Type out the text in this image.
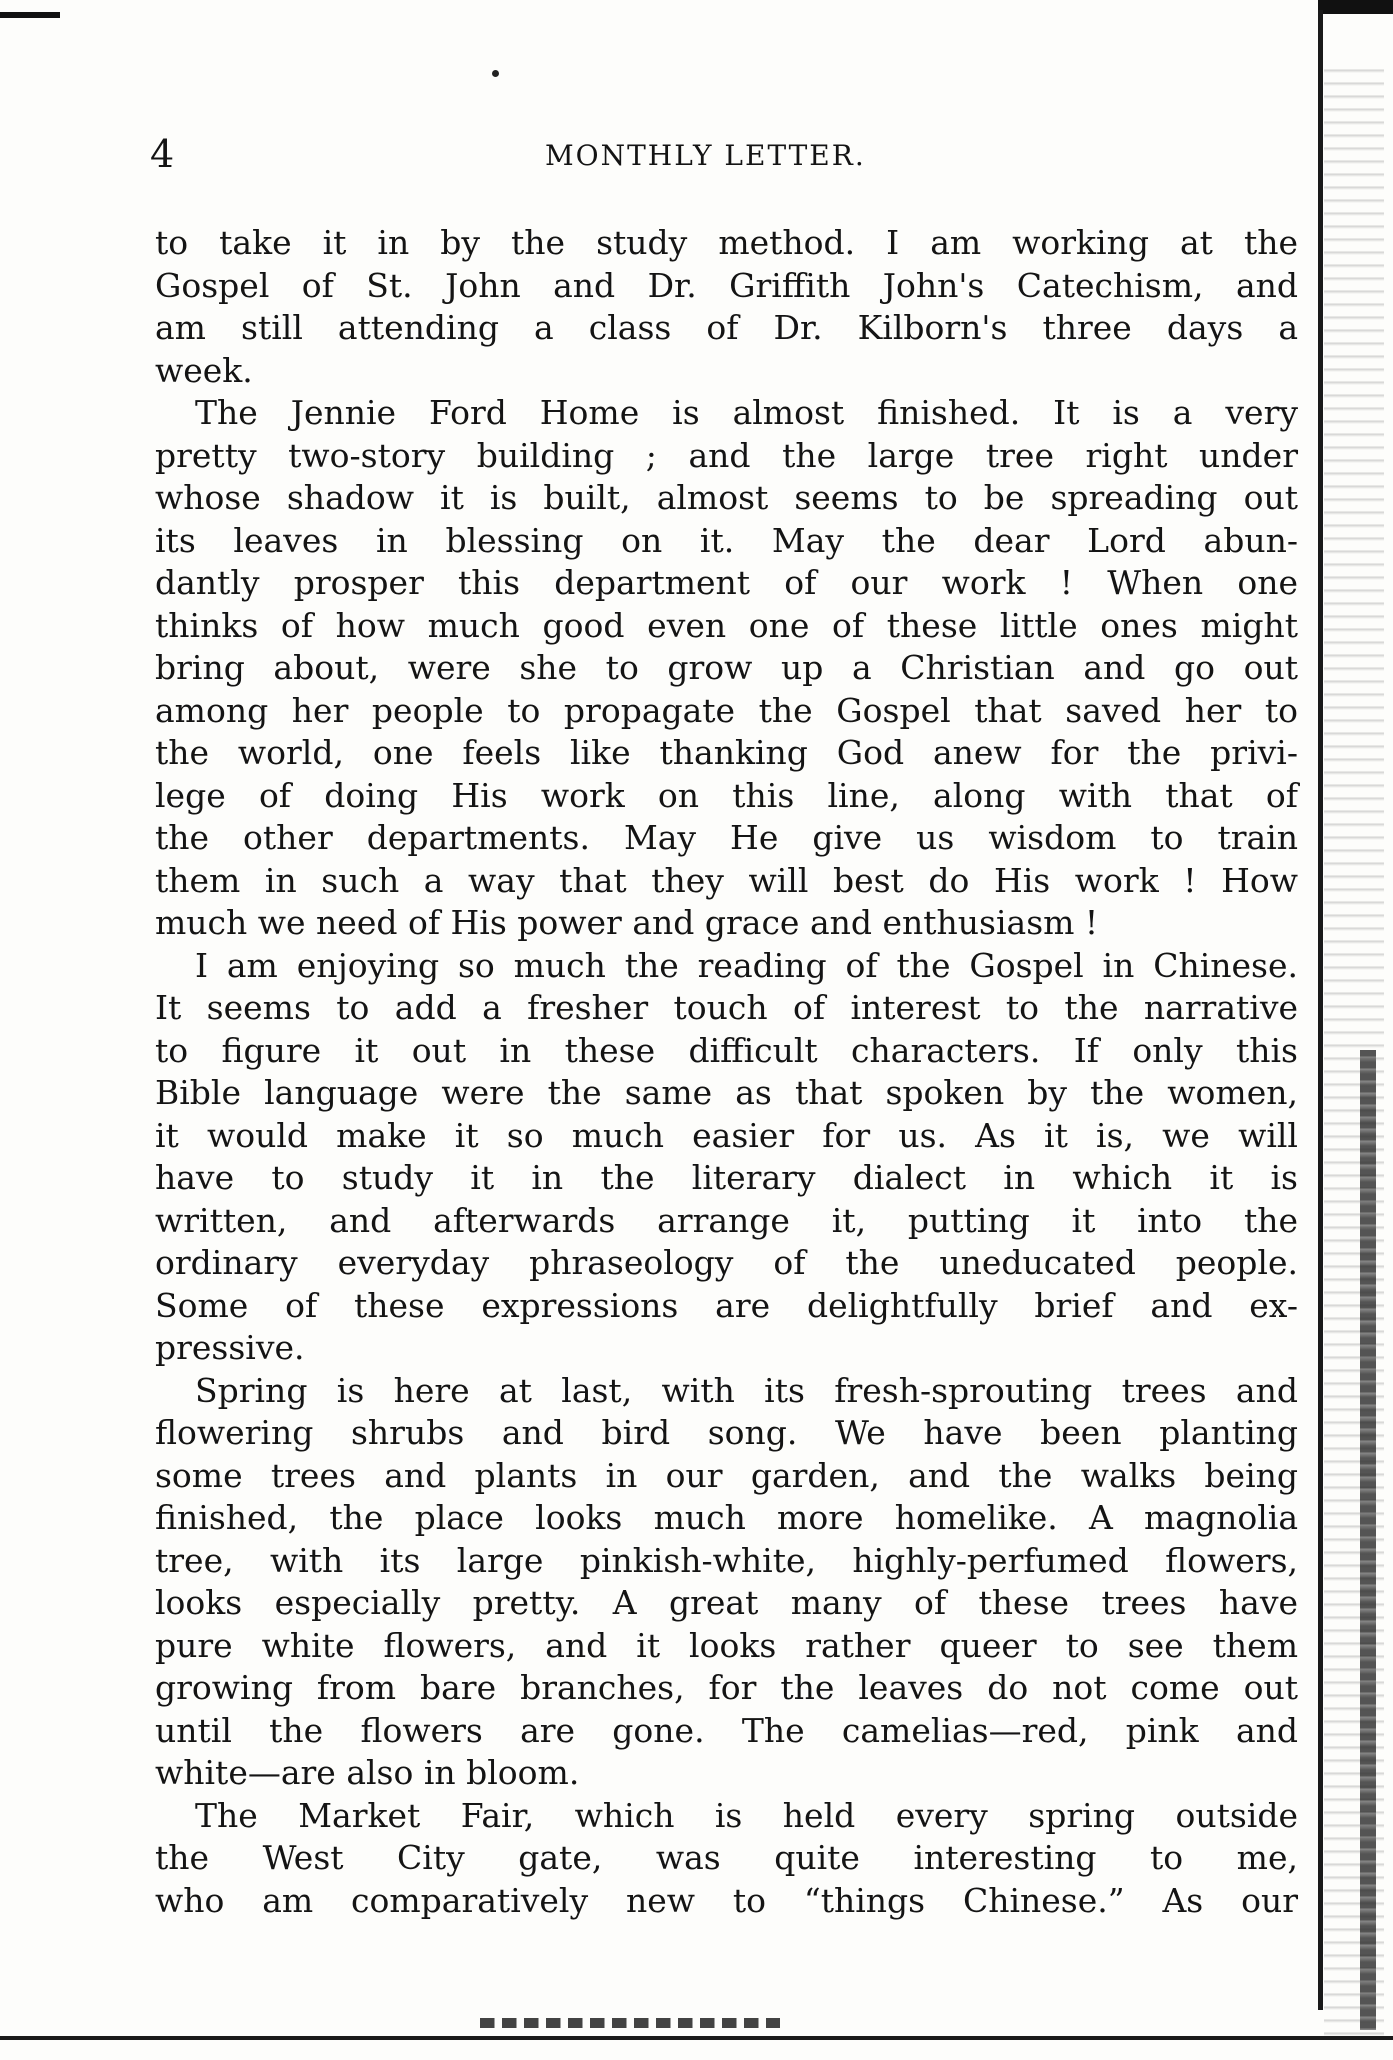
4	MONTHLY LETTER.
to take it in by the study method. I am working at the
Gospel of St. John and Dr. Griffith John's Catechism, and
am still attending a class of Dr. Kilborn's three days a
week.
The Jennie Ford Home is almost finished. It is a very
pretty two-story building ; and the large tree right under
whose shadow it is built, almost seems to be spreading out
its leaves in blessing on it. May the dear Lord abun-
dantly prosper this department of our work ! When one
thinks of how much good even one of these little ones might
bring about, were she to grow up a Christian and go out
among her people to propagate the Gospel that saved her to
the world, one feels like thanking God anew for the privi-
lege of doing His work on this line, along with that of
the other departments. May He give us wisdom to train
them in such a way that they will best do His work ! How
much we need of His power and grace and enthusiasm !
I am enjoying so much the reading of the Gospel in Chinese.
It seems to add a fresher touch of interest to the narrative
to figure it out in these difficult characters. If only this
Bible language were the same as that spoken by the women,
it would make it so much easier for us. As it is, we will
have to study it in the literary dialect in which it is
written, and afterwards arrange it, putting it into the
ordinary everyday phraseology of the uneducated people.
Some of these expressions are delightfully brief and ex-
pressive.
Spring is here at last, with its fresh-sprouting trees and
flowering shrubs and bird song. We have been planting
some trees and plants in our garden, and the walks being
finished, the place looks much more homelike. A magnolia
tree, with its large pinkish-white, highly-perfumed flowers,
looks especially pretty. A great many of these trees have
pure white flowers, and it looks rather queer to see them
growing from bare branches, for the leaves do not come out
until the flowers are gone. The camelias—red, pink and
white—are also in bloom.
The Market Fair, which is held every spring outside
the West City gate, was quite interesting to me,
who am comparatively new to “things Chinese.” As our
